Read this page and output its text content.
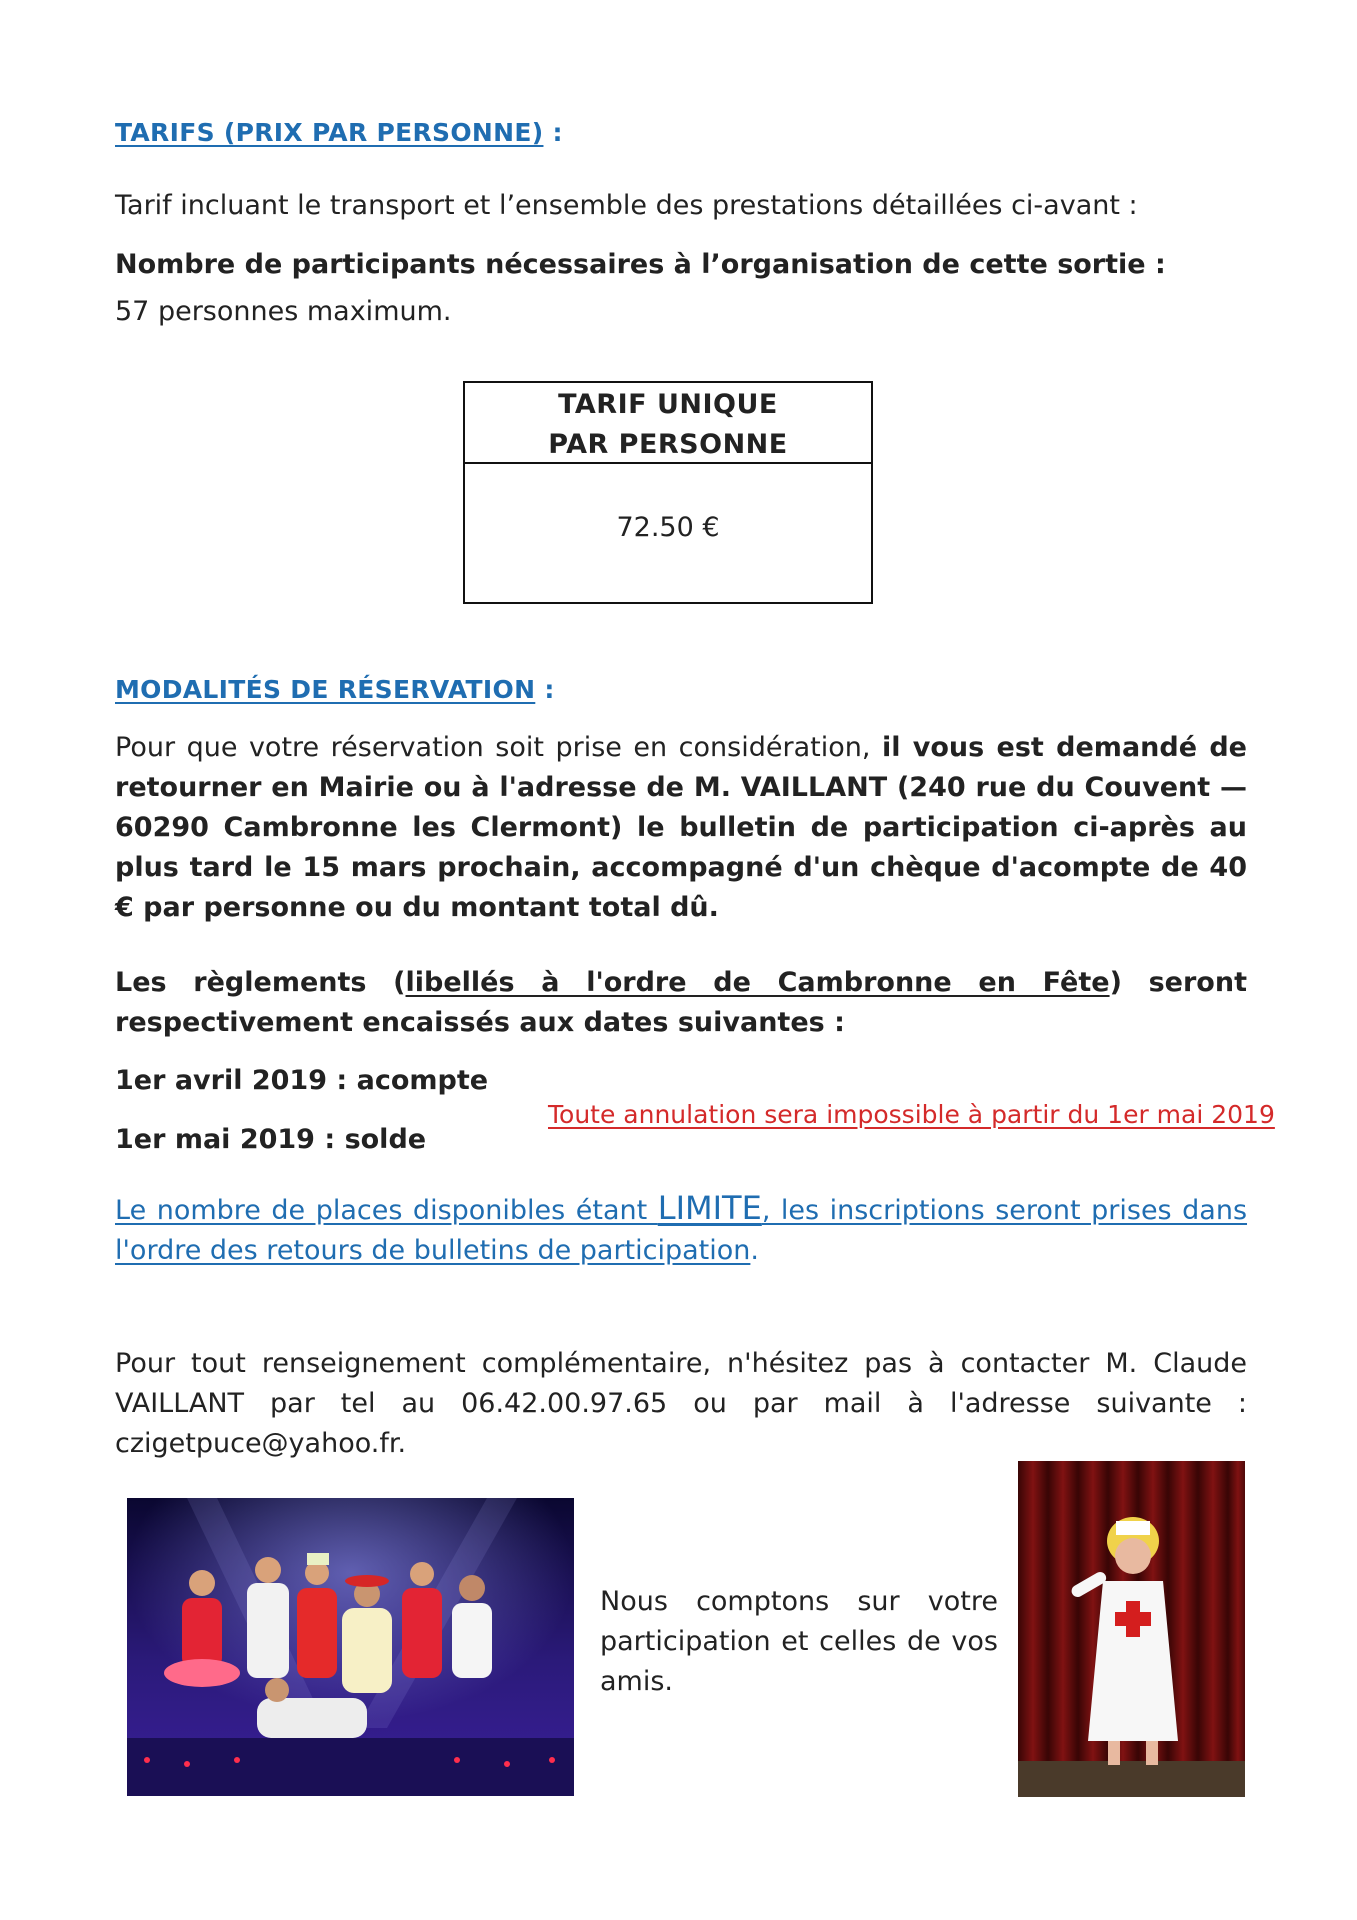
TARIFS (PRIX PAR PERSONNE) :
Tarif incluant le transport et l’ensemble des prestations détaillées ci-avant :
Nombre de participants nécessaires à l’organisation de cette sortie :
57 personnes maximum.
TARIF UNIQUE
PAR PERSONNE
72.50 €
MODALITÉS DE RÉSERVATION :
Pour que votre réservation soit prise en considération, il vous est demandé de retourner en Mairie ou à l'adresse de M. VAILLANT (240 rue du Couvent — 60290 Cambronne les Clermont) le bulletin de participation ci-après au plus tard le 15 mars prochain, accompagné d'un chèque d'acompte de 40 € par personne ou du montant total dû.
Les règlements (libellés à l'ordre de Cambronne en Fête) seront respectivement encaissés aux dates suivantes :
1er avril 2019 : acompte
1er mai 2019 : solde
Toute annulation sera impossible à partir du 1er mai 2019
Le nombre de places disponibles étant LIMITE, les inscriptions seront prises dans l'ordre des retours de bulletins de participation.
Pour tout renseignement complémentaire, n'hésitez pas à contacter M. Claude VAILLANT par tel au 06.42.00.97.65 ou par mail à l'adresse suivante : czigetpuce@yahoo.fr.
Nous comptons sur votre participation et celles de vos amis.
